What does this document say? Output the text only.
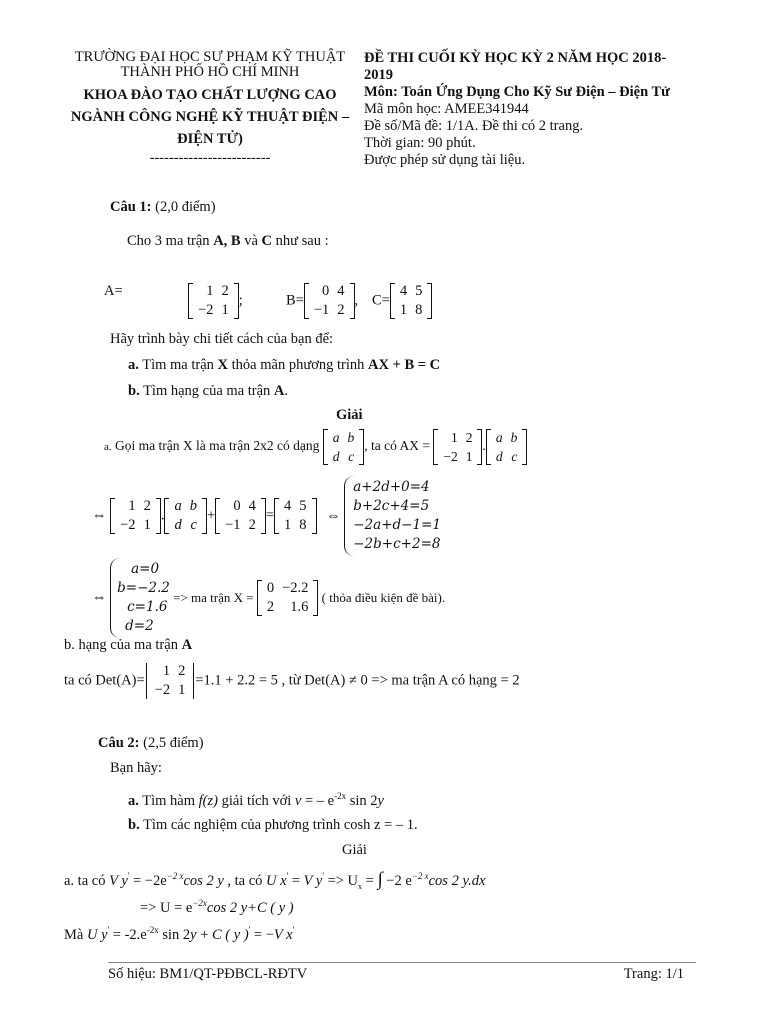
TRƯỜNG ĐẠI HỌC SƯ PHẠM KỸ THUẬT
THÀNH PHỐ HỒ CHÍ MINH
KHOA ĐÀO TẠO CHẤT LƯỢNG CAO
NGÀNH CÔNG NGHỆ KỸ THUẬT ĐIỆN –
ĐIỆN TỬ)
-------------------------
ĐỀ THI CUỐI KỲ HỌC KỲ 2 NĂM HỌC 2018-
2019
Môn: Toán Ứng Dụng Cho Kỹ Sư Điện – Điện Tử
Mã môn học: AMEE341944
Đề số/Mã đề: 1/1A. Đề thi có 2 trang.
Thời gian: 90 phút.
Được phép sử dụng tài liệu.
Câu 1: (2,0 điểm)
Cho 3 ma trận A, B và C như sau :
A=	1	2
−2	1
;	B=
0	4
−1	2
, C=
4	5
1	8
Hãy trình bày chi tiết cách của bạn để:
a. Tìm ma trận X thỏa mãn phương trình AX + B = C
b. Tìm hạng của ma trận A.
Giải
a. Gọi ma trận X là ma trận 2x2 có dạng
a	b
d	c
, ta có AX =
1	2
−2	1
.
a	b
d	c
⇔
1	2
−2	1
.
a	b
d	c
+
0	4
−1	2
=
4	5
1	8
⇔
a+2d+0=4
b+2c+4=5
−2a+d−1=1
−2b+c+2=8
⇔
a=0
b=−2.2
c=1.6
d=2
=> ma trận X =
0	−2.2
2	1.6
( thỏa điều kiện đề bài).
b. hạng của ma trận A
ta có Det(A)=
1	2
−2	1
=1.1 + 2.2 = 5 , từ Det(A) ≠ 0 => ma trận A có hạng = 2
Câu 2: (2,5 điểm)
Bạn hãy:
a. Tìm hàm f(z) giải tích với v = – $e^{-2x}$ sin 2y
b. Tìm các nghiệm của phương trình cosh z = – 1.
Giải
a. ta có V $y' = -2e^{-2 x}\cos$ 2 y , ta có U x' = V $y' => U_x$ = ∫ −2 $e^{-2 x}\cos$ 2 y.dx
=> $U = e^{-2x}\cos$ 2 y+C ( y )
Mà U $y' = -2.e^{-2x}$ sin 2y + C ( y )' = −V x'
Số hiệu: BM1/QT-PĐBCL-RĐTV	Trang: 1/1
